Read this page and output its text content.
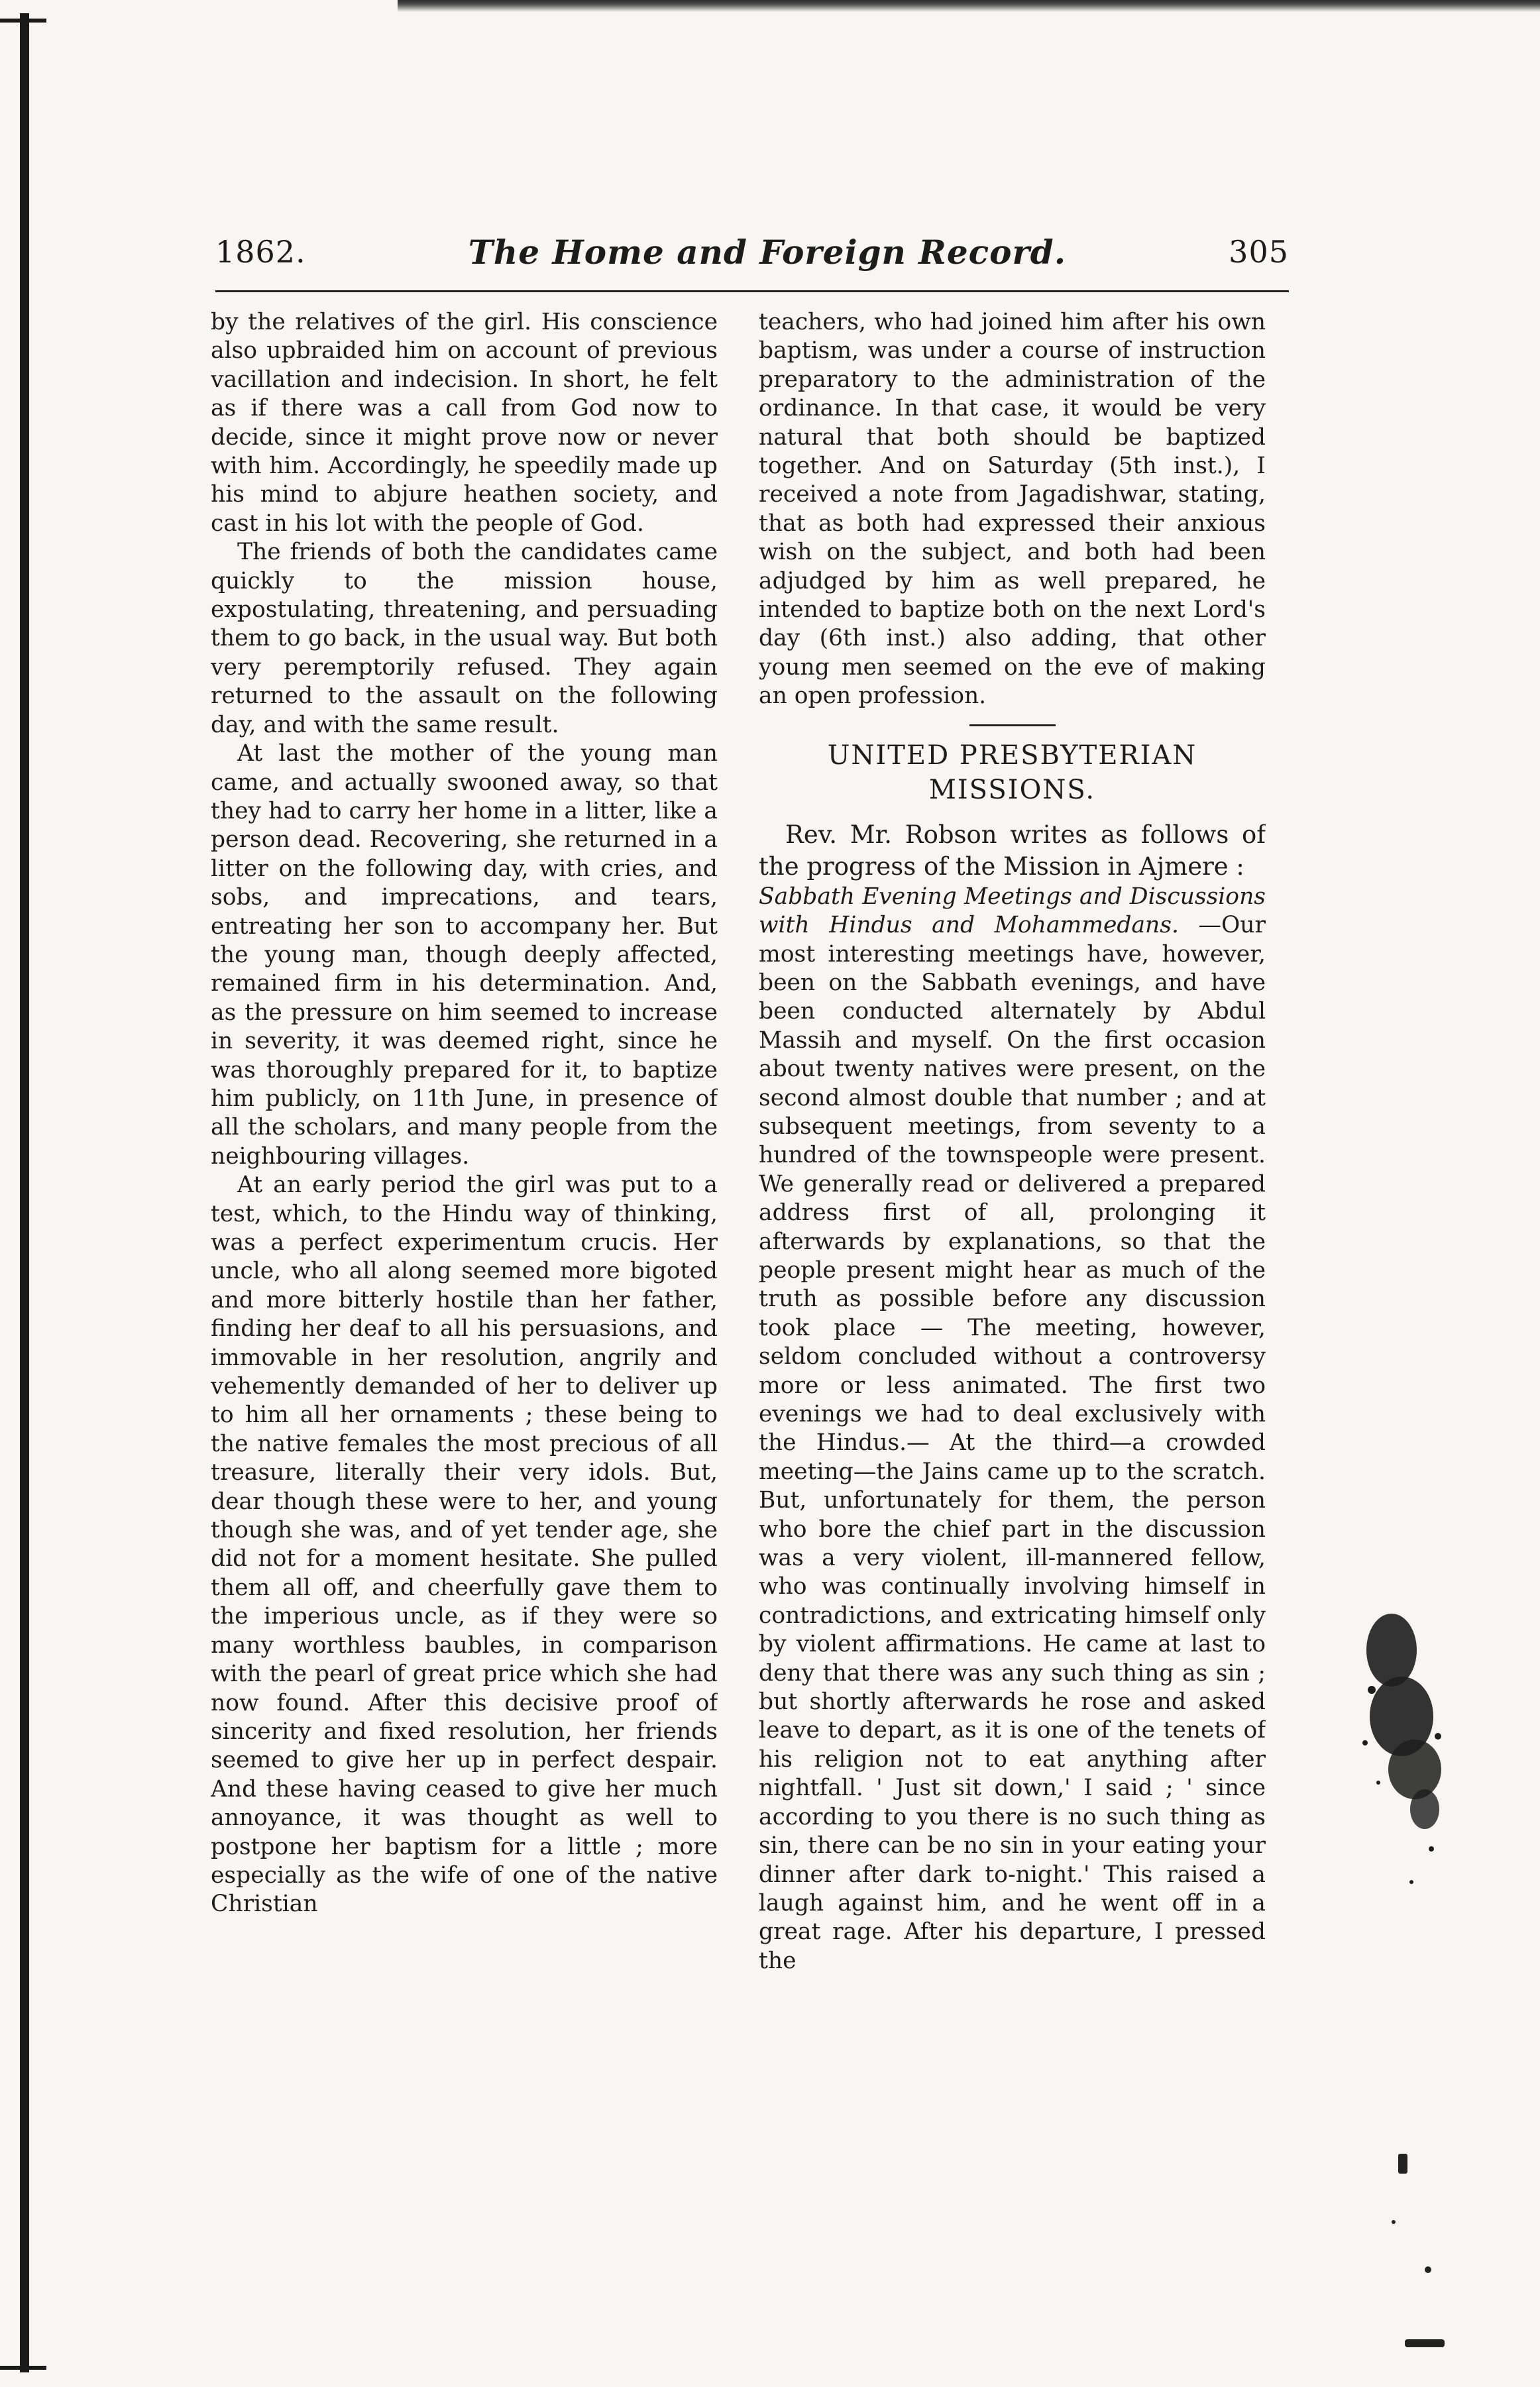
1862.	The Home and Foreign Record.	305

by the relatives of the girl. His conscience also upbraided him on account of previous vacillation and indecision. In short, he felt as if there was a call from God now to decide, since it might prove now or never with him. Accordingly, he speedily made up his mind to abjure heathen society, and cast in his lot with the people of God.

The friends of both the candidates came quickly to the mission house, expostulating, threatening, and persuading them to go back, in the usual way. But both very peremptorily refused. They again returned to the assault on the following day, and with the same result.

At last the mother of the young man came, and actually swooned away, so that they had to carry her home in a litter, like a person dead. Recovering, she returned in a litter on the following day, with cries, and sobs, and imprecations, and tears, entreating her son to accompany her. But the young man, though deeply affected, remained firm in his determination. And, as the pressure on him seemed to increase in severity, it was deemed right, since he was thoroughly prepared for it, to baptize him publicly, on 11th June, in presence of all the scholars, and many people from the neighbouring villages.

At an early period the girl was put to a test, which, to the Hindu way of thinking, was a perfect experimentum crucis. Her uncle, who all along seemed more bigoted and more bitterly hostile than her father, finding her deaf to all his persuasions, and immovable in her resolution, angrily and vehemently demanded of her to deliver up to him all her ornaments ; these being to the native females the most precious of all treasure, literally their very idols. But, dear though these were to her, and young though she was, and of yet tender age, she did not for a moment hesitate. She pulled them all off, and cheerfully gave them to the imperious uncle, as if they were so many worthless baubles, in comparison with the pearl of great price which she had now found. After this decisive proof of sincerity and fixed resolution, her friends seemed to give her up in perfect despair. And these having ceased to give her much annoyance, it was thought as well to postpone her baptism for a little ; more especially as the wife of one of the native Christian

teachers, who had joined him after his own baptism, was under a course of instruction preparatory to the administration of the ordinance. In that case, it would be very natural that both should be baptized together. And on Saturday (5th inst.), I received a note from Jagadishwar, stating, that as both had expressed their anxious wish on the subject, and both had been adjudged by him as well prepared, he intended to baptize both on the next Lord's day (6th inst.) also adding, that other young men seemed on the eve of making an open profession.

UNITED PRESBYTERIAN MISSIONS.

Rev. Mr. Robson writes as follows of the progress of the Mission in Ajmere :

Sabbath Evening Meetings and Discussions with Hindus and Mohammedans. —Our most interesting meetings have, however, been on the Sabbath evenings, and have been conducted alternately by Abdul Massih and myself. On the first occasion about twenty natives were present, on the second almost double that number ; and at subsequent meetings, from seventy to a hundred of the townspeople were present. We generally read or delivered a prepared address first of all, prolonging it afterwards by explanations, so that the people present might hear as much of the truth as possible before any discussion took place — The meeting, however, seldom concluded without a controversy more or less animated. The first two evenings we had to deal exclusively with the Hindus.— At the third—a crowded meeting—the Jains came up to the scratch. But, unfortunately for them, the person who bore the chief part in the discussion was a very violent, ill-mannered fellow, who was continually involving himself in contradictions, and extricating himself only by violent affirmations. He came at last to deny that there was any such thing as sin ; but shortly afterwards he rose and asked leave to depart, as it is one of the tenets of his religion not to eat anything after nightfall. ' Just sit down,' I said ; ' since according to you there is no such thing as sin, there can be no sin in your eating your dinner after dark to-night.' This raised a laugh against him, and he went off in a great rage. After his departure, I pressed the
